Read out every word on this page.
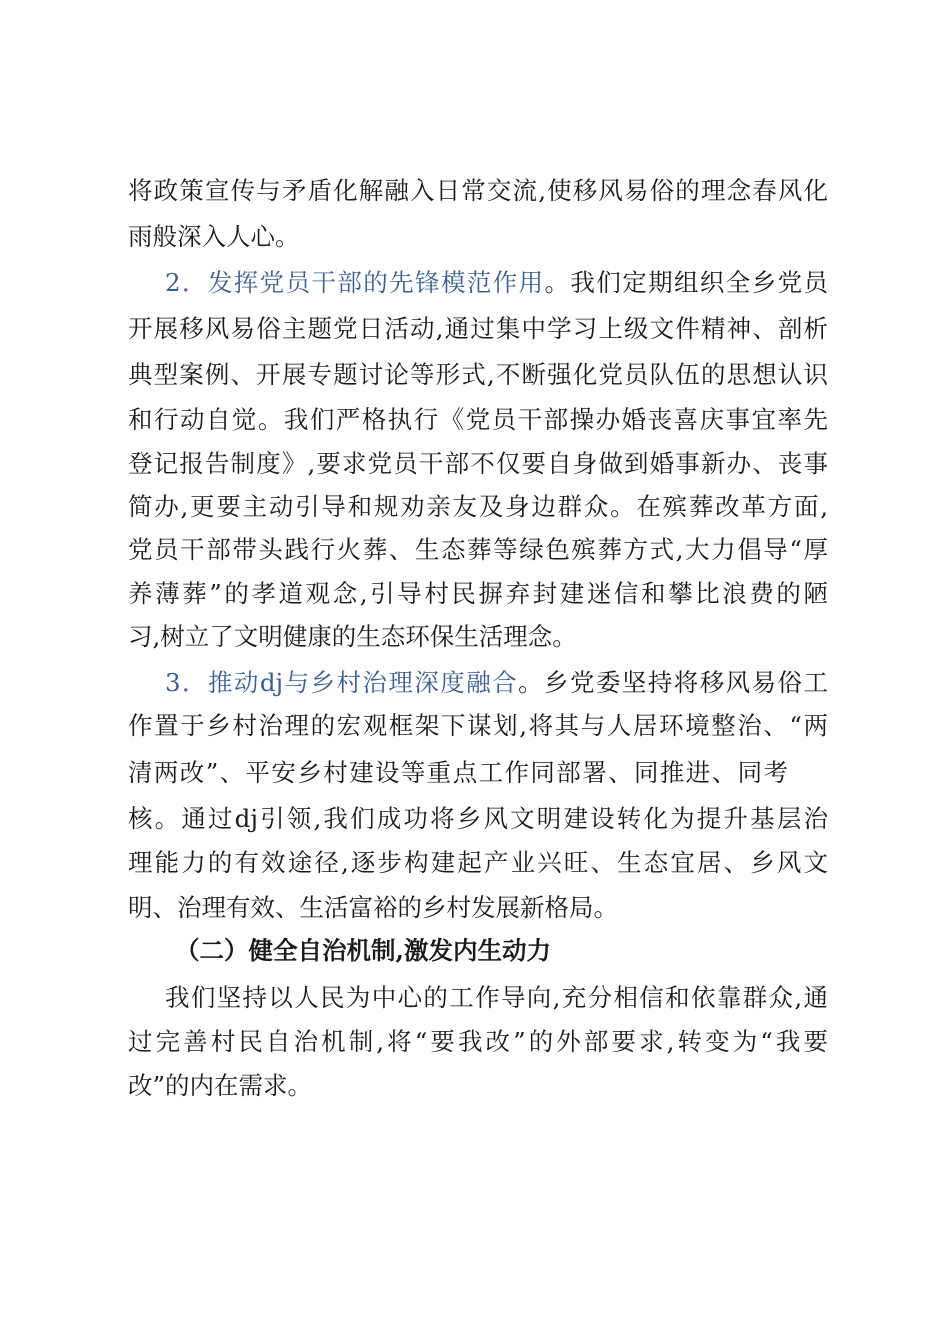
将政策宣传与矛盾化解融入日常交流,使移风易俗的理念春风化
雨般深入人心。
2．发挥党员干部的先锋模范作用。我们定期组织全乡党员
开展移风易俗主题党日活动,通过集中学习上级文件精神、剖析
典型案例、开展专题讨论等形式,不断强化党员队伍的思想认识
和行动自觉。我们严格执行《党员干部操办婚丧喜庆事宜率先
登记报告制度》,要求党员干部不仅要自身做到婚事新办、丧事
简办,更要主动引导和规劝亲友及身边群众。在殡葬改革方面,
党员干部带头践行火葬、生态葬等绿色殡葬方式,大力倡导“厚
养薄葬”的孝道观念,引导村民摒弃封建迷信和攀比浪费的陋
习,树立了文明健康的生态环保生活理念。
3．推动dj与乡村治理深度融合。乡党委坚持将移风易俗工
作置于乡村治理的宏观框架下谋划,将其与人居环境整治、“两
清两改”、平安乡村建设等重点工作同部署、同推进、同考
核。通过dj引领,我们成功将乡风文明建设转化为提升基层治
理能力的有效途径,逐步构建起产业兴旺、生态宜居、乡风文
明、治理有效、生活富裕的乡村发展新格局。
（二）健全自治机制,激发内生动力
我们坚持以人民为中心的工作导向,充分相信和依靠群众,通
过完善村民自治机制,将“要我改”的外部要求,转变为“我要
改”的内在需求。
